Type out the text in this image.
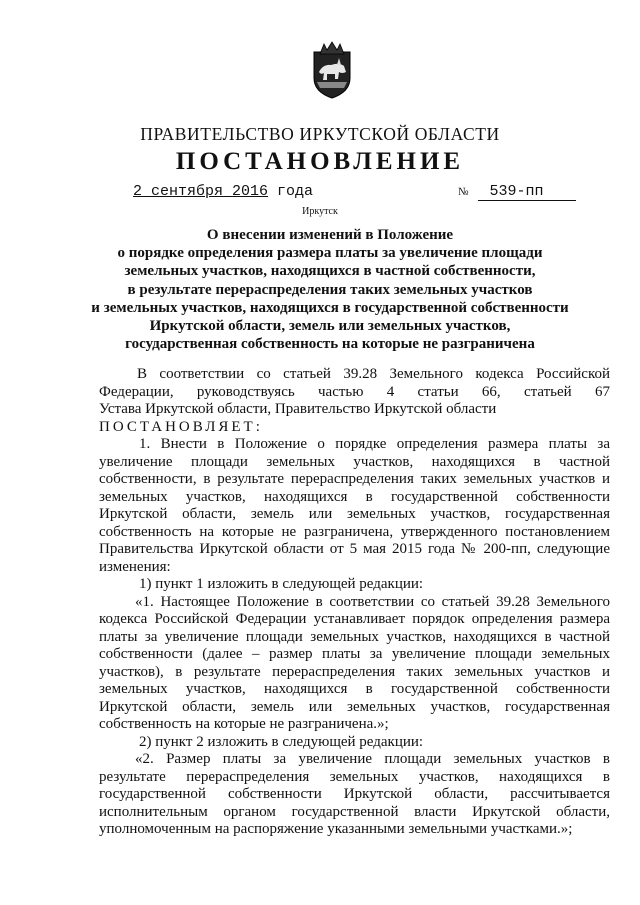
ПРАВИТЕЛЬСТВО ИРКУТСКОЙ ОБЛАСТИ
ПОСТАНОВЛЕНИЕ
2 сентября 2016 года	№ 539-пп
Иркутск
О внесении изменений в Положение
о порядке определения размера платы за увеличение площади
земельных участков, находящихся в частной собственности,
в результате перераспределения таких земельных участков
и земельных участков, находящихся в государственной собственности
Иркутской области, земель или земельных участков,
государственная собственность на которые не разграничена
В соответствии со статьей 39.28 Земельного кодекса Российской
Федерации, руководствуясь частью 4 статьи 66, статьей 67
Устава Иркутской области, Правительство Иркутской области
ПОСТАНОВЛЯЕТ:
1. Внести в Положение о порядке определения размера платы за
увеличение площади земельных участков, находящихся в частной
собственности, в результате перераспределения таких земельных участков и
земельных участков, находящихся в государственной собственности
Иркутской области, земель или земельных участков, государственная
собственность на которые не разграничена, утвержденного постановлением
Правительства Иркутской области от 5 мая 2015 года № 200-пп, следующие
изменения:
1) пункт 1 изложить в следующей редакции:
«1. Настоящее Положение в соответствии со статьей 39.28 Земельного
кодекса Российской Федерации устанавливает порядок определения размера
платы за увеличение площади земельных участков, находящихся в частной
собственности (далее – размер платы за увеличение площади земельных
участков), в результате перераспределения таких земельных участков и
земельных участков, находящихся в государственной собственности
Иркутской области, земель или земельных участков, государственная
собственность на которые не разграничена.»;
2) пункт 2 изложить в следующей редакции:
«2. Размер платы за увеличение площади земельных участков в
результате перераспределения земельных участков, находящихся в
государственной собственности Иркутской области, рассчитывается
исполнительным органом государственной власти Иркутской области,
уполномоченным на распоряжение указанными земельными участками.»;
